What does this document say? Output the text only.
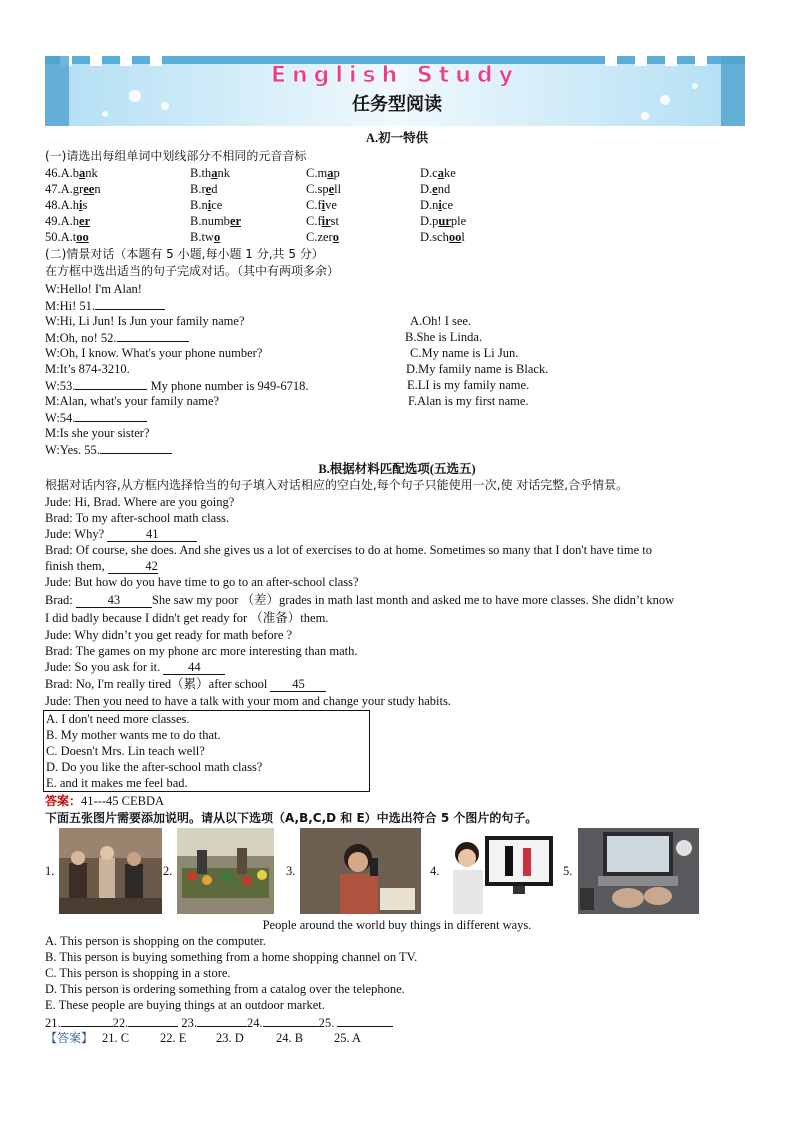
English Study
任务型阅读
A.初一特供
(一)请选出每组单词中划线部分不相同的元音音标
46.A.bank	B.thank	C.map	D.cake
47.A.green	B.red	C.spell	D.end
48.A.his	B.nice	C.five	D.nice
49.A.her	B.number	C.first	D.purple
50.A.too	B.two	C.zero	D.school
(二)情景对话（本题有 5 小题,每小题 1 分,共 5 分）
在方框中选出适当的句子完成对话。（其中有两项多余）
W:Hello! I'm Alan!
M:Hi! 51.
W:Hi, Li Jun! Is Jun your family name?
M:Oh, no! 52.
W:Oh, I know. What's your phone number?
M:It’s 874-3210.
W:53.	My phone number is 949-6718.
M:Alan, what's your family name?
W:54.
M:Is she your sister?
W:Yes. 55.
A.Oh! I see.
B.She is Linda.
C.My name is Li Jun.
D.My family name is Black.
E.LI is my family name.
F.Alan is my first name.
B.根据材料匹配选项(五选五)
根据对话内容,从方框内选择恰当的句子填入对话相应的空白处,每个句子只能使用一次,使 对话完整,合乎情景。
Jude: Hi, Brad. Where are you going?
Brad: To my after-school math class.
Jude: Why?	41
Brad: Of course, she does. And she gives us a lot of exercises to do at home. Sometimes so many that I don't have time to
finish them,	42
Jude: But how do you have time to go to an after-school class?
Brad:	43	She saw my poor （差）grades in math last month and asked me to have more classes. She didn’t know
I did badly because I didn't get ready for （准备）them.
Jude: Why didn’t you get ready for math before ?
Brad: The games on my phone arc more interesting than math.
Jude: So you ask for it. 44
Brad: No, I'm really tired（累）after school 45
Jude: Then you need to have a talk with your mom and change your study habits.
A. I don't need more classes.
B. My mother wants me to do that.
C. Doesn't Mrs. Lin teach well?
D. Do you like the after-school math class?
E. and it makes me feel bad.
答案：41---45 CEBDA
下面五张图片需要添加说明。请从以下选项（A,B,C,D 和 E）中选出符合 5 个图片的句子。
1.	2.	3.	4.	5.
People around the world buy things in different ways.
A. This person is shopping on the computer.
B. This person is buying something from a home shopping channel on TV.
C. This person is shopping in a store.
D. This person is ordering something from a catalog over the telephone.
E. These people are buying things at an outdoor market.
21.	22.	23.	24.	25.
【答案】 21. C 22. E 23. D	24. B 25. A
